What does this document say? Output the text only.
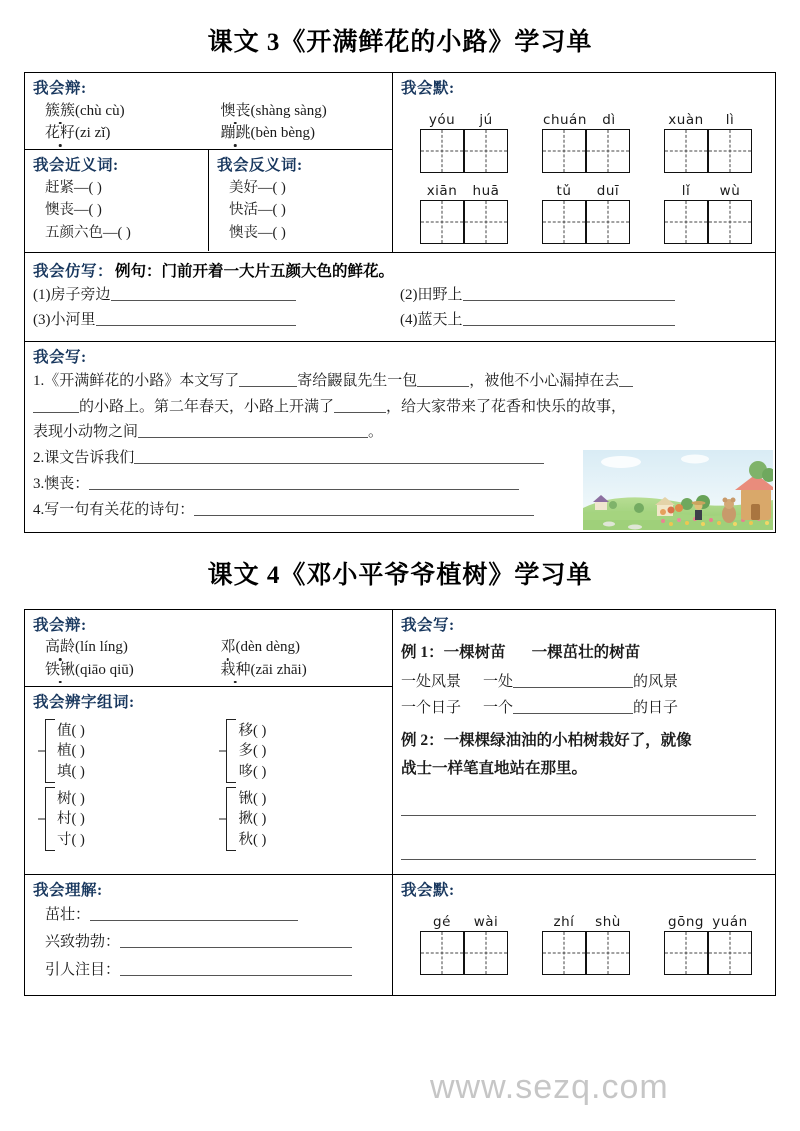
课文 3《开满鲜花的小路》学习单
我会辩:
簇簇(chù cù)	懊丧(shàng sàng)
花籽(zi zǐ)	蹦跳(bèn bèng)
我会近义词:
赶紧—( )
懊丧—( )
五颜六色—( )

我会反义词:
美好—( )
快活—( )
懊丧—( )

我会默:
yóu	jú	chuán	dì	xuàn	lì
xiān	huā	tǔ	duī	lǐ	wù

我会仿写： 例句： 门前开着一大片五颜大色的鲜花。
(1)房子旁边	(2)田野上
(3)小河里	(4)蓝天上

我会写:
1.《开满鲜花的小路》本文写了	寄给鼹鼠先生一包	，被他不小心漏掉在去
的小路上。第二年春天，小路上开满了	，给大家带来了花香和快乐的故事，
表现小动物之间	。
2.课文告诉我们
3.懊丧：
4.写一句有关花的诗句：
课文 4《邓小平爷爷植树》学习单
我会辩:
高龄(lín líng)	邓(dèn dèng)
铁锹(qiāo qiū)	栽种(zāi zhāi)
我会辨字组词:
值( )
植( )
填( )
移( )
多( )
哆( )
树( )
村( )
寸( )
锹( )
揪( )
秋( )

我会写:
例 1：一棵树苗 一棵茁壮的树苗
一处风景 一处	的风景
一个日子 一个	的日子
例 2：一棵棵绿油油的小柏树栽好了，就像
战士一样笔直地站在那里。

我会理解:
茁壮：
兴致勃勃：
引人注目：

我会默:
gé	wài	zhí	shù	gōng yuán
www.sezq.com
